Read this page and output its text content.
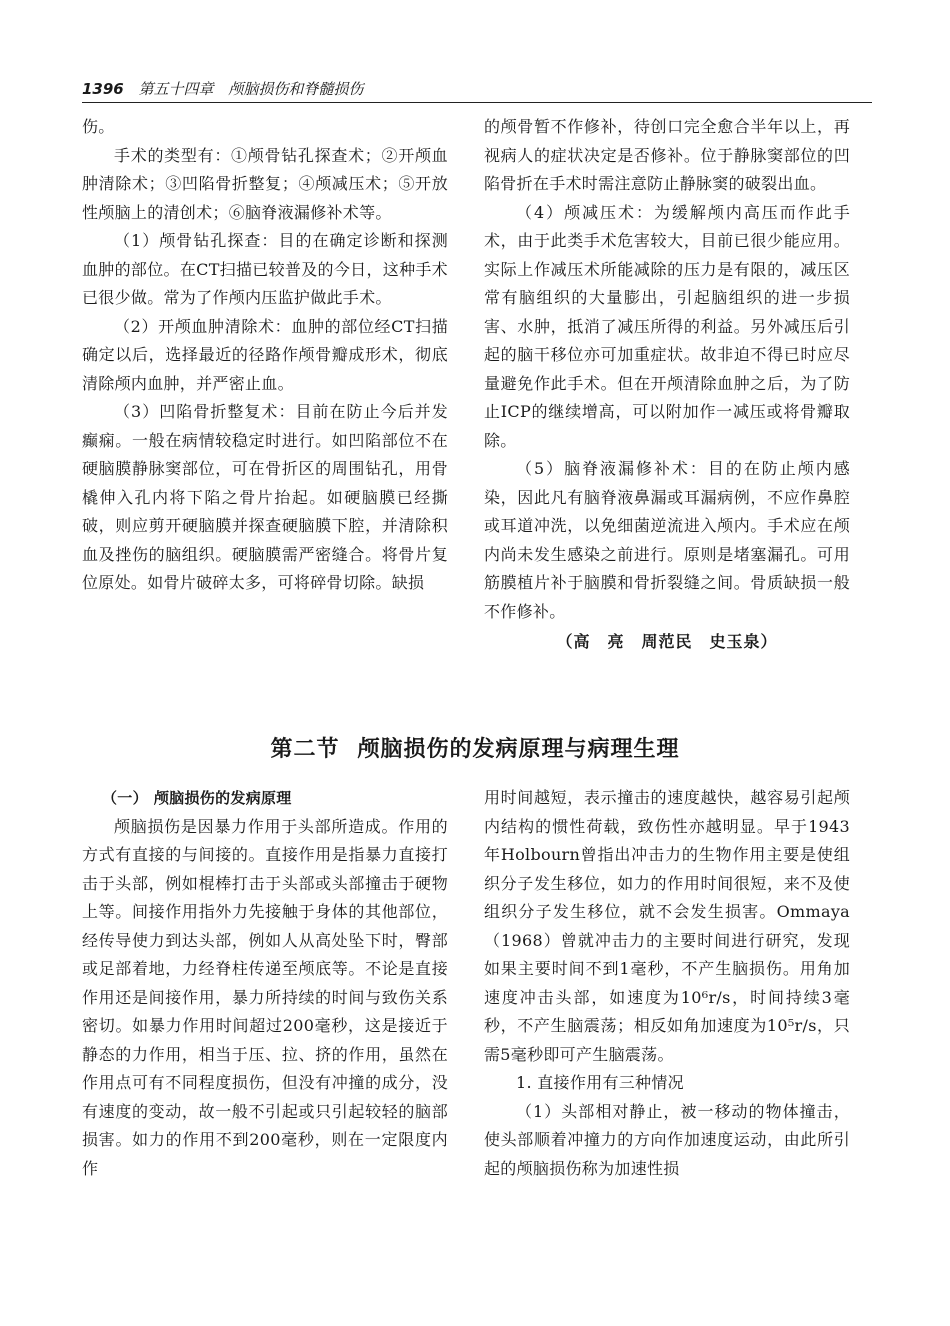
1396 第五十四章 颅脑损伤和脊髓损伤

伤。

手术的类型有：①颅骨钻孔探查术；②开颅血肿清除术；③凹陷骨折整复；④颅减压术；⑤开放性颅脑上的清创术；⑥脑脊液漏修补术等。

（1）颅骨钻孔探查：目的在确定诊断和探测血肿的部位。在CT扫描已较普及的今日，这种手术已很少做。常为了作颅内压监护做此手术。

（2）开颅血肿清除术：血肿的部位经CT扫描确定以后，选择最近的径路作颅骨瓣成形术，彻底清除颅内血肿，并严密止血。

（3）凹陷骨折整复术：目前在防止今后并发癫痫。一般在病情较稳定时进行。如凹陷部位不在硬脑膜静脉窦部位，可在骨折区的周围钻孔，用骨橇伸入孔内将下陷之骨片抬起。如硬脑膜已经撕破，则应剪开硬脑膜并探查硬脑膜下腔，并清除积血及挫伤的脑组织。硬脑膜需严密缝合。将骨片复位原处。如骨片破碎太多，可将碎骨切除。缺损

的颅骨暂不作修补，待创口完全愈合半年以上，再视病人的症状决定是否修补。位于静脉窦部位的凹陷骨折在手术时需注意防止静脉窦的破裂出血。

（4）颅减压术：为缓解颅内高压而作此手术，由于此类手术危害较大，目前已很少能应用。实际上作减压术所能减除的压力是有限的，减压区常有脑组织的大量膨出，引起脑组织的进一步损害、水肿，抵消了减压所得的利益。另外减压后引起的脑干移位亦可加重症状。故非迫不得已时应尽量避免作此手术。但在开颅清除血肿之后，为了防止ICP的继续增高，可以附加作一减压或将骨瓣取除。

（5）脑脊液漏修补术：目的在防止颅内感染，因此凡有脑脊液鼻漏或耳漏病例，不应作鼻腔或耳道冲洗，以免细菌逆流进入颅内。手术应在颅内尚未发生感染之前进行。原则是堵塞漏孔。可用筋膜植片补于脑膜和骨折裂缝之间。骨质缺损一般不作修补。

（高　亮　周范民　史玉泉）
第二节 颅脑损伤的发病原理与病理生理
（一） 颅脑损伤的发病原理

颅脑损伤是因暴力作用于头部所造成。作用的方式有直接的与间接的。直接作用是指暴力直接打击于头部，例如棍棒打击于头部或头部撞击于硬物上等。间接作用指外力先接触于身体的其他部位，经传导使力到达头部，例如人从高处坠下时，臀部或足部着地，力经脊柱传递至颅底等。不论是直接作用还是间接作用，暴力所持续的时间与致伤关系密切。如暴力作用时间超过200毫秒，这是接近于静态的力作用，相当于压、拉、挤的作用，虽然在作用点可有不同程度损伤，但没有冲撞的成分，没有速度的变动，故一般不引起或只引起较轻的脑部损害。如力的作用不到200毫秒，则在一定限度内作

用时间越短，表示撞击的速度越快，越容易引起颅内结构的惯性荷载，致伤性亦越明显。早于1943年Holbourn曾指出冲击力的生物作用主要是使组织分子发生移位，如力的作用时间很短，来不及使组织分子发生移位，就不会发生损害。Ommaya（1968）曾就冲击力的主要时间进行研究，发现如果主要时间不到1毫秒，不产生脑损伤。用角加速度冲击头部，如速度为10⁶r/s，时间持续3毫秒，不产生脑震荡；相反如角加速度为10⁵r/s，只需5毫秒即可产生脑震荡。

1. 直接作用有三种情况

（1）头部相对静止，被一移动的物体撞击，使头部顺着冲撞力的方向作加速度运动，由此所引起的颅脑损伤称为加速性损
